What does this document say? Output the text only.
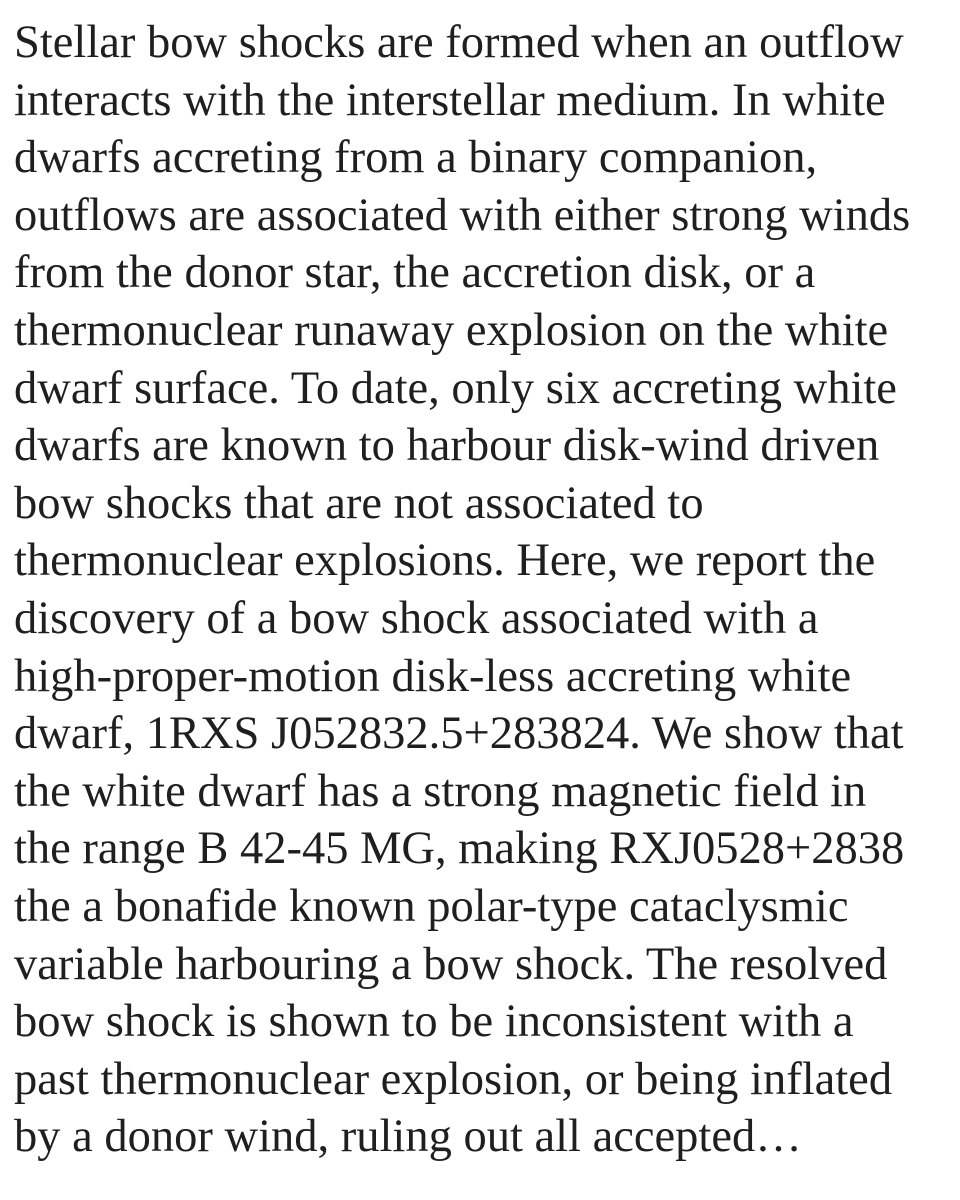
Stellar bow shocks are formed when an outflow
interacts with the interstellar medium. In white
dwarfs accreting from a binary companion,
outflows are associated with either strong winds
from the donor star, the accretion disk, or a
thermonuclear runaway explosion on the white
dwarf surface. To date, only six accreting white
dwarfs are known to harbour disk-wind driven
bow shocks that are not associated to
thermonuclear explosions. Here, we report the
discovery of a bow shock associated with a
high-proper-motion disk-less accreting white
dwarf, 1RXS J052832.5+283824. We show that
the white dwarf has a strong magnetic field in
the range B 42-45 MG, making RXJ0528+2838
the a bonafide known polar-type cataclysmic
variable harbouring a bow shock. The resolved
bow shock is shown to be inconsistent with a
past thermonuclear explosion, or being inflated
by a donor wind, ruling out all accepted…
